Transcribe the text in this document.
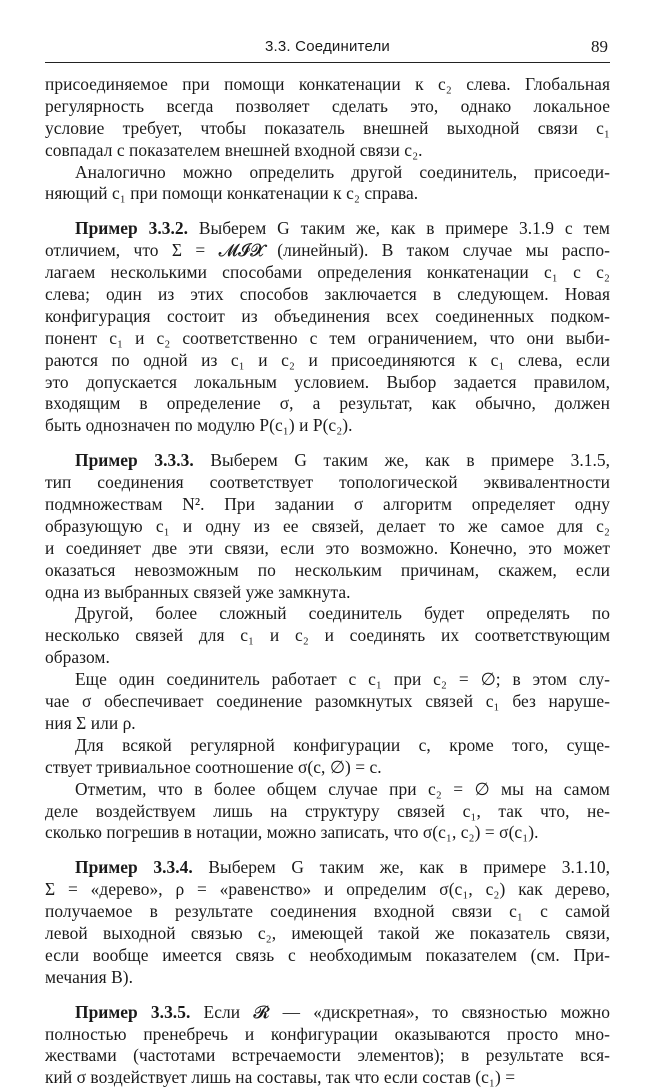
3.3. Соединители	89
присоединяемое при помощи конкатенации к c₂ слева. Глобальная
регулярность всегда позволяет сделать это, однако локальное
условие требует, чтобы показатель внешней выходной связи c₁
совпадал с показателем внешней входной связи c₂.
Аналогично можно определить другой соединитель, присоеди-
няющий c₁ при помощи конкатенации к c₂ справа.
Пример 3.3.2. Выберем G таким же, как в примере 3.1.9 с тем
отличием, что Σ = 𝓜𝓘𝓧 (линейный). В таком случае мы распо-
лагаем несколькими способами определения конкатенации c₁ с c₂
слева; один из этих способов заключается в следующем. Новая
конфигурация состоит из объединения всех соединенных подком-
понент c₁ и c₂ соответственно с тем ограничением, что они выби-
раются по одной из c₁ и c₂ и присоединяются к c₁ слева, если
это допускается локальным условием. Выбор задается правилом,
входящим в определение σ, а результат, как обычно, должен
быть однозначен по модулю P(c₁) и P(c₂).
Пример 3.3.3. Выберем G таким же, как в примере 3.1.5,
тип соединения соответствует топологической эквивалентности
подмножествам N². При задании σ алгоритм определяет одну
образующую c₁ и одну из ее связей, делает то же самое для c₂
и соединяет две эти связи, если это возможно. Конечно, это может
оказаться невозможным по нескольким причинам, скажем, если
одна из выбранных связей уже замкнута.
Другой, более сложный соединитель будет определять по
несколько связей для c₁ и c₂ и соединять их соответствующим
образом.
Еще один соединитель работает с c₁ при c₂ = ∅; в этом слу-
чае σ обеспечивает соединение разомкнутых связей c₁ без наруше-
ния Σ или ρ.
Для всякой регулярной конфигурации c, кроме того, суще-
ствует тривиальное соотношение σ(c, ∅) = c.
Отметим, что в более общем случае при c₂ = ∅ мы на самом
деле воздействуем лишь на структуру связей c₁, так что, не-
сколько погрешив в нотации, можно записать, что σ(c₁, c₂) = σ(c₁).
Пример 3.3.4. Выберем G таким же, как в примере 3.1.10,
Σ = «дерево», ρ = «равенство» и определим σ(c₁, c₂) как дерево,
получаемое в результате соединения входной связи c₁ с самой
левой выходной связью c₂, имеющей такой же показатель связи,
если вообще имеется связь с необходимым показателем (см. При-
мечания B).
Пример 3.3.5. Если 𝓡 — «дискретная», то связностью можно
полностью пренебречь и конфигурации оказываются просто мно-
жествами (частотами встречаемости элементов); в результате вся-
кий σ воздействует лишь на составы, так что если состав (c₁) =
